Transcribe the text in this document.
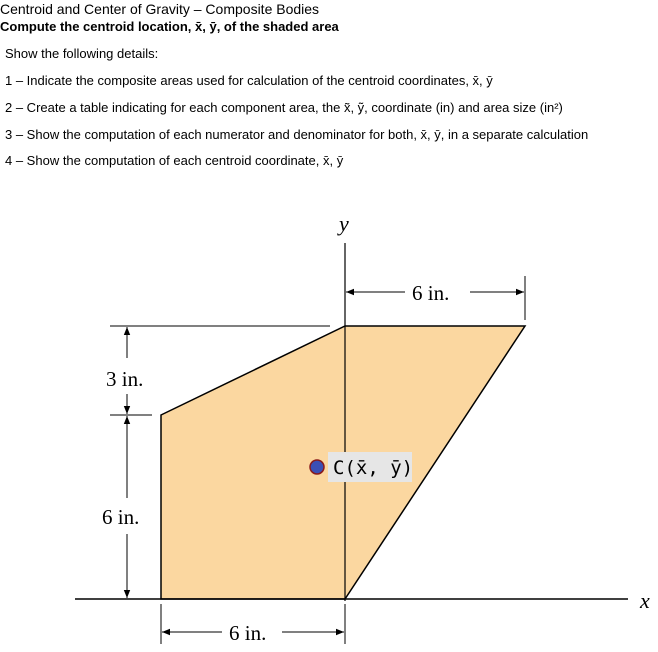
Centroid and Center of Gravity – Composite Bodies
Compute the centroid location, x̄, ȳ, of the shaded area
Show the following details:
1 – Indicate the composite areas used for calculation of the centroid coordinates, x̄, ȳ
2 – Create a table indicating for each component area, the x̃, ỹ, coordinate (in) and area size (in²)
3 – Show the computation of each numerator and denominator for both, x̄, ȳ, in a separate calculation
4 – Show the computation of each centroid coordinate, x̄, ȳ
y
x
6 in.
3 in.
6 in.
6 in.
C(x̄, ȳ)
